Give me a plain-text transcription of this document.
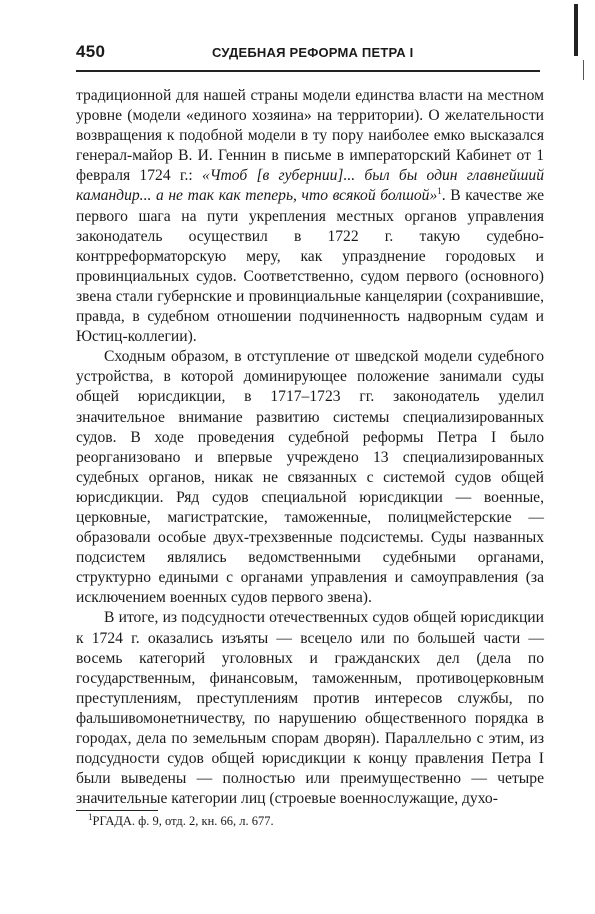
450	СУДЕБНАЯ РЕФОРМА ПЕТРА I

традиционной для нашей страны модели единства власти на местном уровне (модели «единого хозяина» на территории). О желательности возвращения к подобной модели в ту пору наиболее емко высказался генерал-майор В. И. Геннин в письме в императорский Кабинет от 1 февраля 1724 г.: «Чтоб [в губернии]... был бы один главнейший камандир... а не так как теперь, что всякой болшой»$^1$. В качестве же первого шага на пути укрепления местных органов управления законодатель осуществил в 1722 г. такую судебно-контрреформаторскую меру, как упразднение городовых и провинциальных судов. Соответственно, судом первого (основного) звена стали губернские и провинциальные канцелярии (сохранившие, правда, в судебном отношении подчиненность надворным судам и Юстиц-коллегии).

Сходным образом, в отступление от шведской модели судебного устройства, в которой доминирующее положение занимали суды общей юрисдикции, в 1717–1723 гг. законодатель уделил значительное внимание развитию системы специализированных судов. В ходе проведения судебной реформы Петра I было реорганизовано и впервые учреждено 13 специализированных судебных органов, никак не связанных с системой судов общей юрисдикции. Ряд судов специальной юрисдикции — военные, церковные, магистратские, таможенные, полицмейстерские — образовали особые двух-трехзвенные подсистемы. Суды названных подсистем являлись ведомственными судебными органами, структурно едиными с органами управления и самоуправления (за исключением военных судов первого звена).

В итоге, из подсудности отечественных судов общей юрисдикции к 1724 г. оказались изъяты — всецело или по большей части — восемь категорий уголовных и гражданских дел (дела по государственным, финансовым, таможенным, противоцерковным преступлениям, преступлениям против интересов службы, по фальшивомонетничеству, по нарушению общественного порядка в городах, дела по земельным спорам дворян). Параллельно с этим, из подсудности судов общей юрисдикции к концу правления Петра I были выведены — полностью или преимущественно — четыре значительные категории лиц (строевые военнослужащие, духо-

$^1$РГАДА. ф. 9, отд. 2, кн. 66, л. 677.
